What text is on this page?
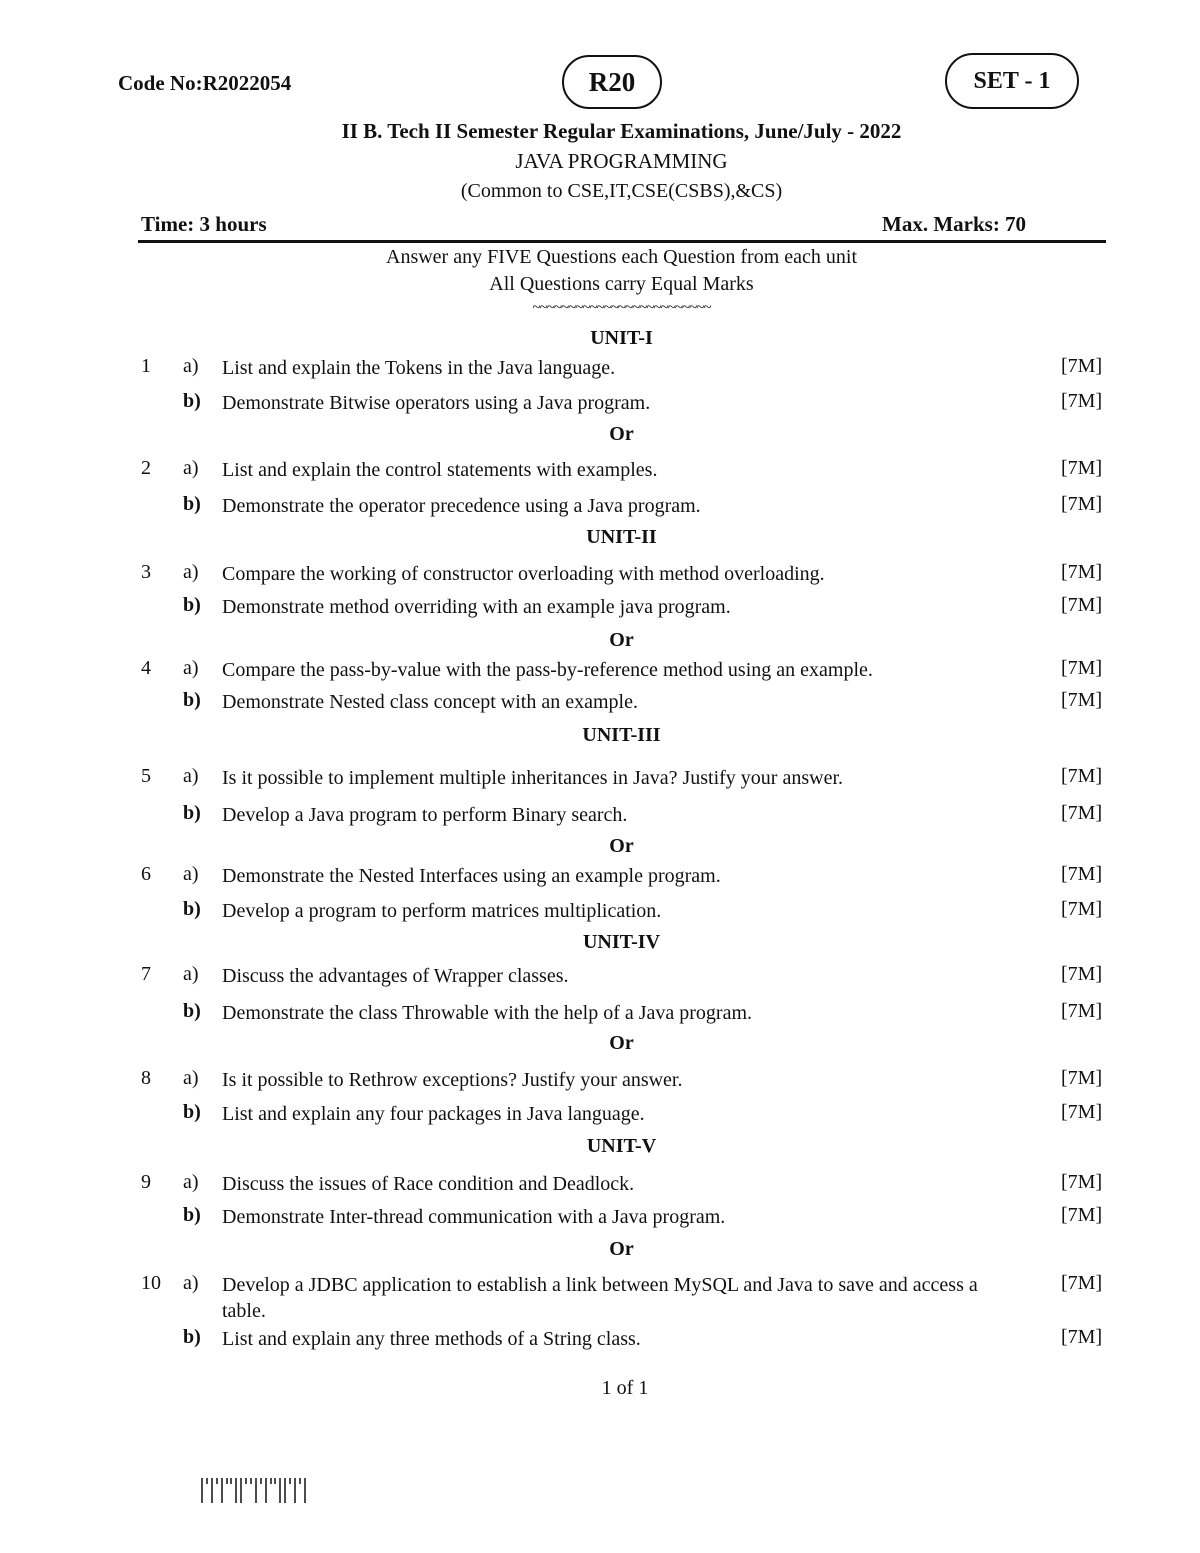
Code No:R2022054	R20	SET - 1
II B. Tech II Semester Regular Examinations, June/July - 2022
JAVA PROGRAMMING
(Common to CSE,IT,CSE(CSBS),&CS)
Time: 3 hours	Max. Marks: 70
Answer any FIVE Questions each Question from each unit
All Questions carry Equal Marks
~~~~~~~~~~~~~~~~~~~~~~~~~
UNIT-I
1 a) List and explain the Tokens in the Java language.	[7M]
b) Demonstrate Bitwise operators using a Java program.	[7M]
Or
2 a) List and explain the control statements with examples.	[7M]
b) Demonstrate the operator precedence using a Java program.	[7M]
UNIT-II
3 a) Compare the working of constructor overloading with method overloading.	[7M]
b) Demonstrate method overriding with an example java program.	[7M]
Or
4 a) Compare the pass-by-value with the pass-by-reference method using an example.	[7M]
b) Demonstrate Nested class concept with an example.	[7M]
UNIT-III
5 a) Is it possible to implement multiple inheritances in Java? Justify your answer.	[7M]
b) Develop a Java program to perform Binary search.	[7M]
Or
6 a) Demonstrate the Nested Interfaces using an example program.	[7M]
b) Develop a program to perform matrices multiplication.	[7M]
UNIT-IV
7 a) Discuss the advantages of Wrapper classes.	[7M]
b) Demonstrate the class Throwable with the help of a Java program.	[7M]
Or
8 a) Is it possible to Rethrow exceptions? Justify your answer.	[7M]
b) List and explain any four packages in Java language.	[7M]
UNIT-V
9 a) Discuss the issues of Race condition and Deadlock.	[7M]
b) Demonstrate Inter-thread communication with a Java program.	[7M]
Or
10 a) Develop a JDBC application to establish a link between MySQL and Java to save and access a table.
[7M]
b) List and explain any three methods of a String class.	[7M]
1 of 1
